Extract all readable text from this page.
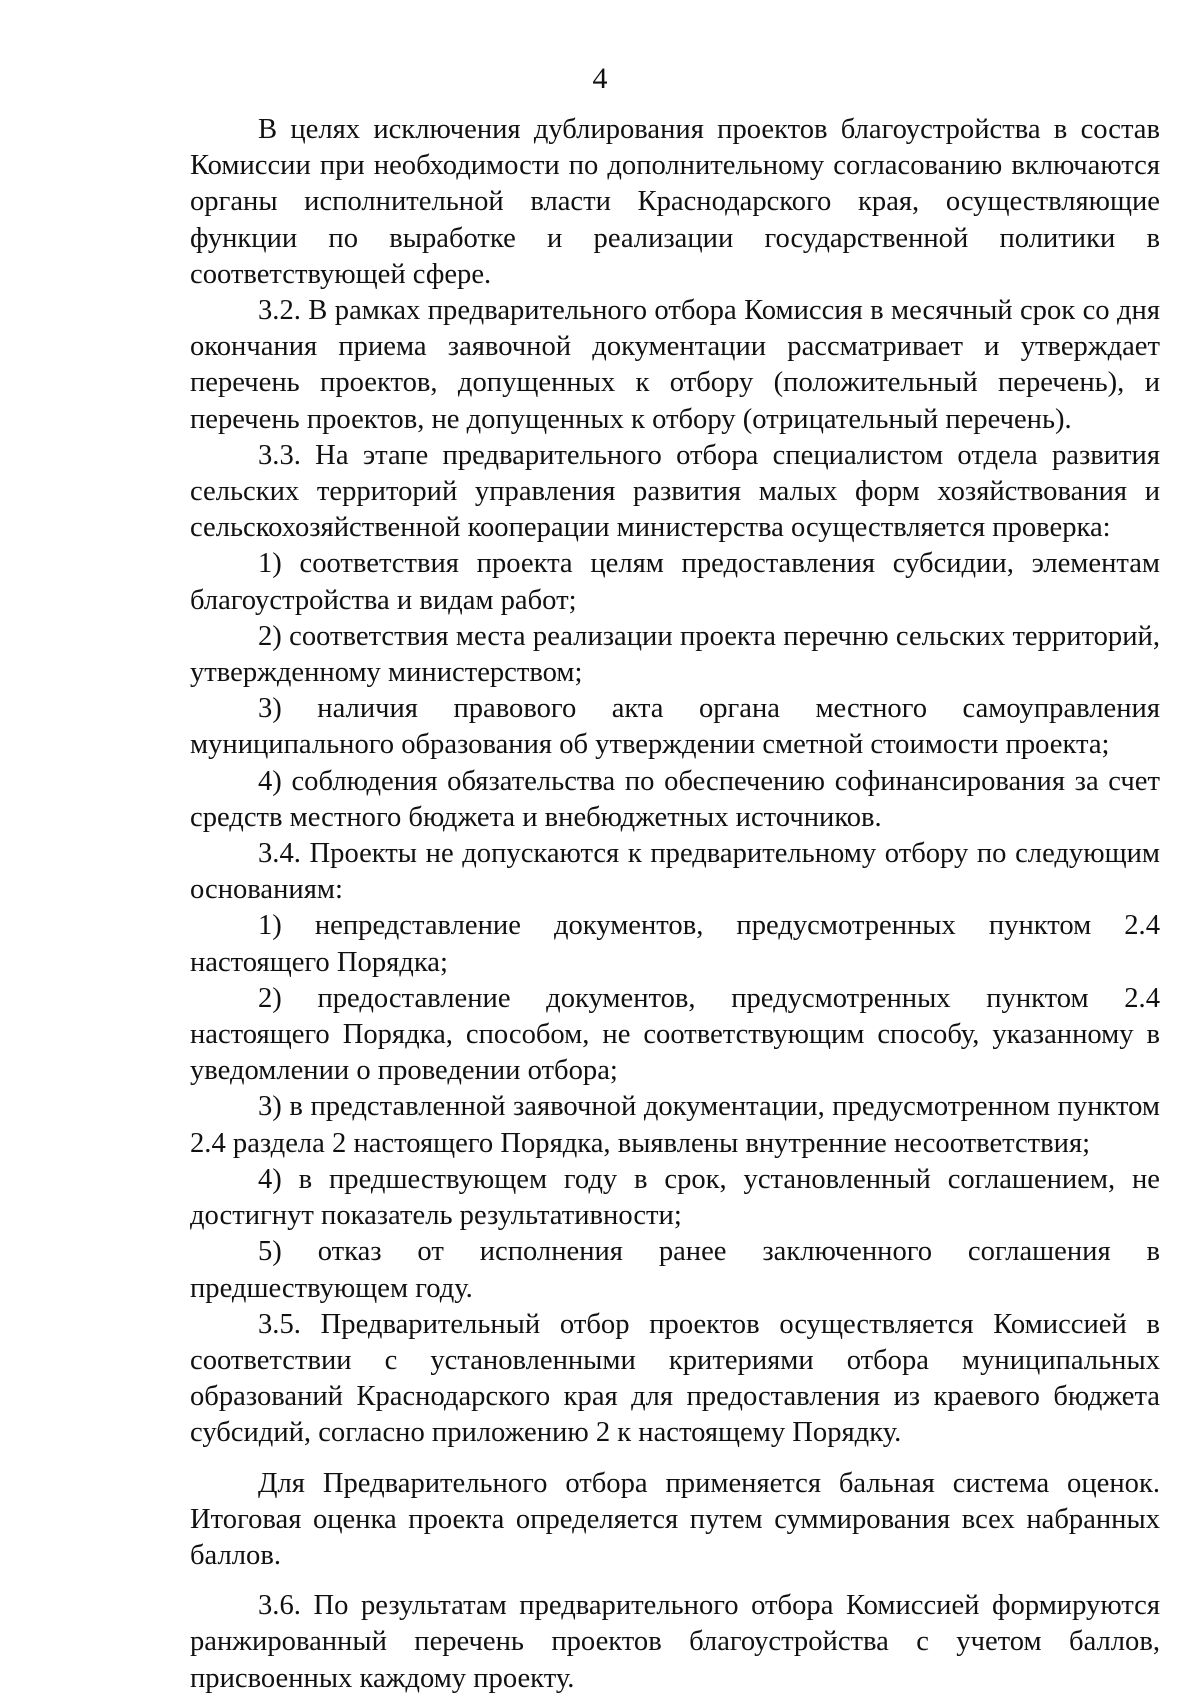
4

В целях исключения дублирования проектов благоустройства в состав Комиссии при необходимости по дополнительному согласованию включаются органы исполнительной власти Краснодарского края, осуществляющие функции по выработке и реализации государственной политики в соответствующей сфере.

3.2. В рамках предварительного отбора Комиссия в месячный срок со дня окончания приема заявочной документации рассматривает и утверждает перечень проектов, допущенных к отбору (положительный перечень), и перечень проектов, не допущенных к отбору (отрицательный перечень).

3.3. На этапе предварительного отбора специалистом отдела развития сельских территорий управления развития малых форм хозяйствования и сельскохозяйственной кооперации министерства осуществляется проверка:

1) соответствия проекта целям предоставления субсидии, элементам благоустройства и видам работ;

2) соответствия места реализации проекта перечню сельских территорий, утвержденному министерством;

3) наличия правового акта органа местного самоуправления муниципального образования об утверждении сметной стоимости проекта;

4) соблюдения обязательства по обеспечению софинансирования за счет средств местного бюджета и внебюджетных источников.

3.4. Проекты не допускаются к предварительному отбору по следующим основаниям:

1) непредставление документов, предусмотренных пунктом 2.4 настоящего Порядка;

2) предоставление документов, предусмотренных пунктом 2.4 настоящего Порядка, способом, не соответствующим способу, указанному в уведомлении о проведении отбора;

3) в представленной заявочной документации, предусмотренном пунктом 2.4 раздела 2 настоящего Порядка, выявлены внутренние несоответствия;

4) в предшествующем году в срок, установленный соглашением, не достигнут показатель результативности;

5) отказ от исполнения ранее заключенного соглашения в предшествующем году.

3.5. Предварительный отбор проектов осуществляется Комиссией в соответствии с установленными критериями отбора муниципальных образований Краснодарского края для предоставления из краевого бюджета субсидий, согласно приложению 2 к настоящему Порядку.

Для Предварительного отбора применяется бальная система оценок. Итоговая оценка проекта определяется путем суммирования всех набранных баллов.

3.6. По результатам предварительного отбора Комиссией формируются ранжированный перечень проектов благоустройства с учетом баллов, присвоенных каждому проекту.
